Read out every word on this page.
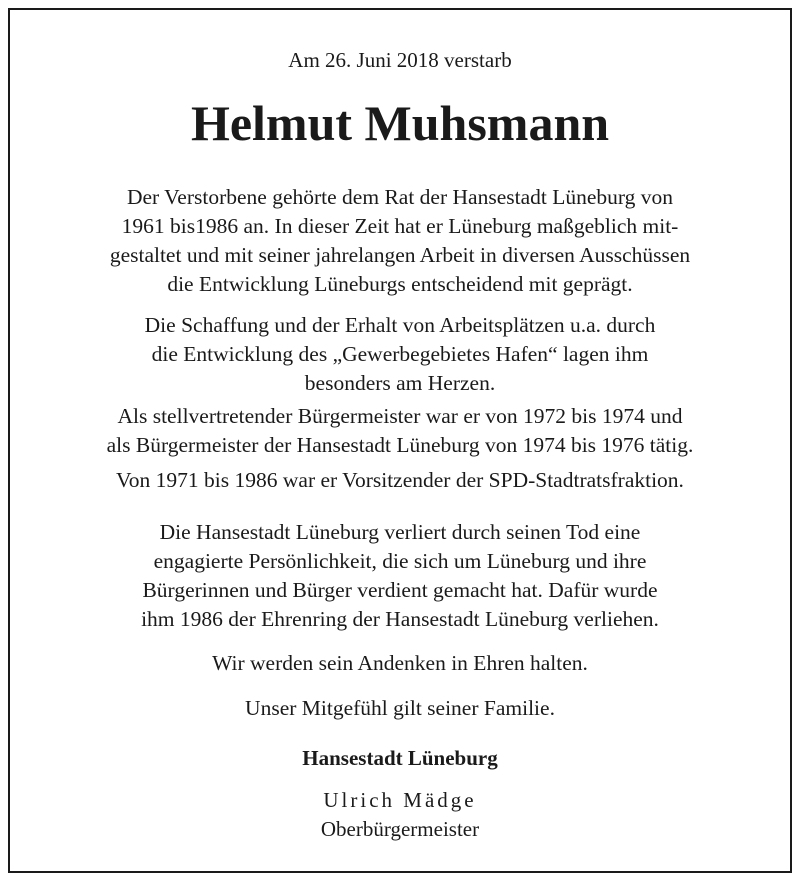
Am 26. Juni 2018 verstarb
Helmut Muhsmann
Der Verstorbene gehörte dem Rat der Hansestadt Lüneburg von
1961 bis1986 an. In dieser Zeit hat er Lüneburg maßgeblich mit-
gestaltet und mit seiner jahrelangen Arbeit in diversen Ausschüssen
die Entwicklung Lüneburgs entscheidend mit geprägt.
Die Schaffung und der Erhalt von Arbeitsplätzen u.a. durch
die Entwicklung des „Gewerbegebietes Hafen“ lagen ihm
besonders am Herzen.
Als stellvertretender Bürgermeister war er von 1972 bis 1974 und
als Bürgermeister der Hansestadt Lüneburg von 1974 bis 1976 tätig.
Von 1971 bis 1986 war er Vorsitzender der SPD-Stadtratsfraktion.
Die Hansestadt Lüneburg verliert durch seinen Tod eine
engagierte Persönlichkeit, die sich um Lüneburg und ihre
Bürgerinnen und Bürger verdient gemacht hat. Dafür wurde
ihm 1986 der Ehrenring der Hansestadt Lüneburg verliehen.
Wir werden sein Andenken in Ehren halten.
Unser Mitgefühl gilt seiner Familie.
Hansestadt Lüneburg
Ulrich Mädge
Oberbürgermeister
